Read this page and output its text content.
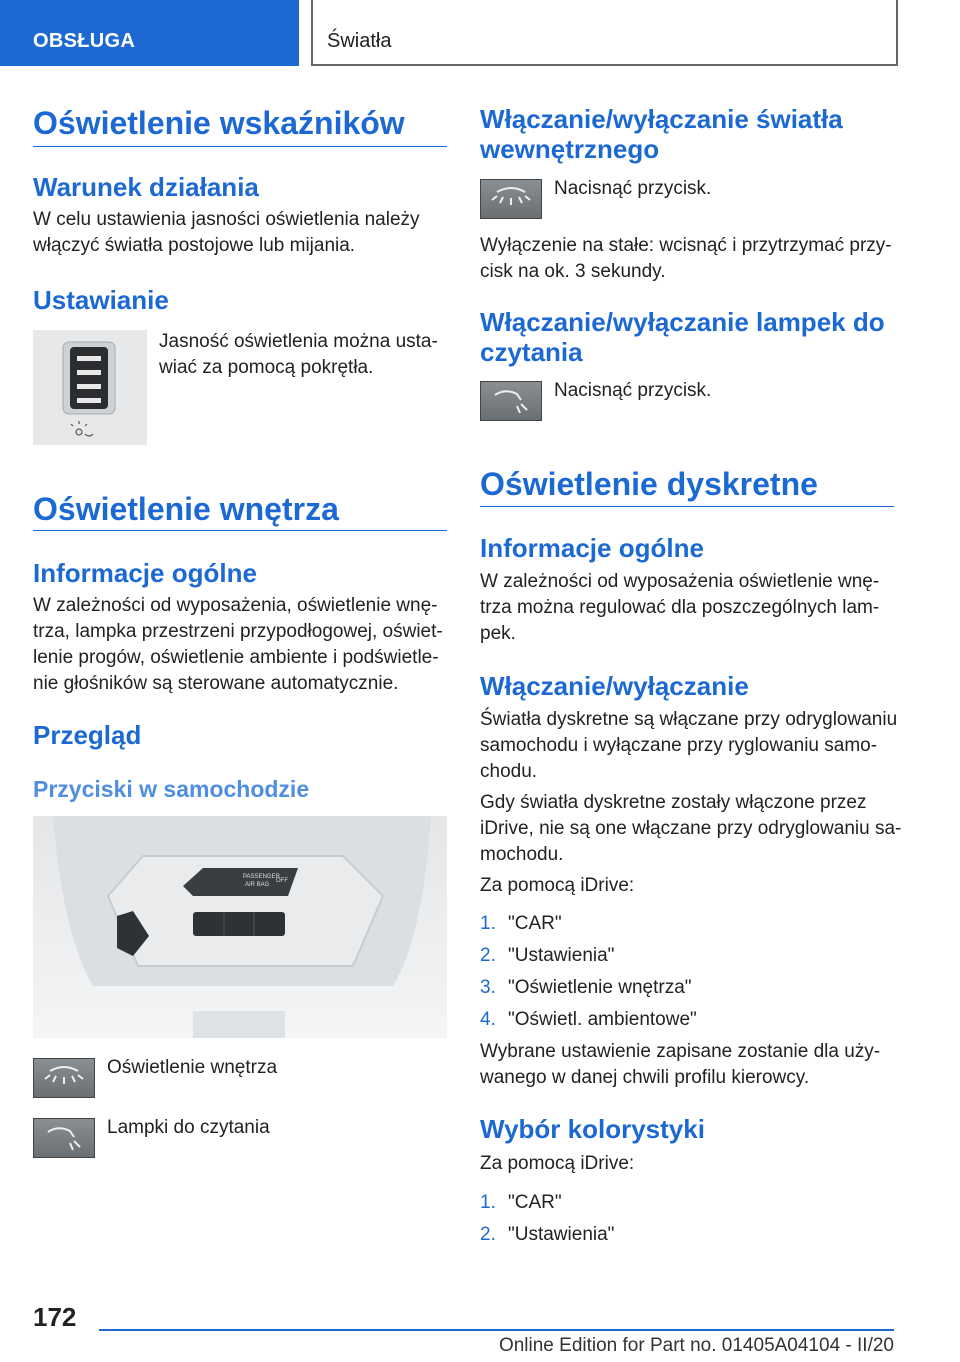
OBSŁUGA	Światła
Oświetlenie wskaźników
Warunek działania

W celu ustawienia jasności oświetlenia należy

włączyć światła postojowe lub mijania.

Ustawianie

Jasność oświetlenia można usta-

wiać za pomocą pokrętła.

Oświetlenie wnętrza
Informacje ogólne

W zależności od wyposażenia, oświetlenie wnę-

trza, lampka przestrzeni przypodłogowej, oświet-

lenie progów, oświetlenie ambiente i podświetle-

nie głośników są sterowane automatycznie.

Przegląd
Przyciski w samochodzie
PASSENGER
AIR BAG
OFF

Oświetlenie wnętrza

Lampki do czytania

Włączanie/wyłączanie światła
wewnętrznego

Nacisnąć przycisk.

Wyłączenie na stałe: wcisnąć i przytrzymać przy-

cisk na ok. 3 sekundy.

Włączanie/wyłączanie lampek do
czytania

Nacisnąć przycisk.

Oświetlenie dyskretne
Informacje ogólne

W zależności od wyposażenia oświetlenie wnę-

trza można regulować dla poszczególnych lam-

pek.

Włączanie/wyłączanie

Światła dyskretne są włączane przy odryglowaniu

samochodu i wyłączane przy ryglowaniu samo-

chodu.

Gdy światła dyskretne zostały włączone przez

iDrive, nie są one włączane przy odryglowaniu sa-

mochodu.

Za pomocą iDrive:

1. "CAR"
2. "Ustawienia"
3. "Oświetlenie wnętrza"
4. "Oświetl. ambientowe"

Wybrane ustawienie zapisane zostanie dla uży-

wanego w danej chwili profilu kierowcy.

Wybór kolorystyki

Za pomocą iDrive:

1. "CAR"
2. "Ustawienia"
172
Online Edition for Part no. 01405A04104 - II/20
